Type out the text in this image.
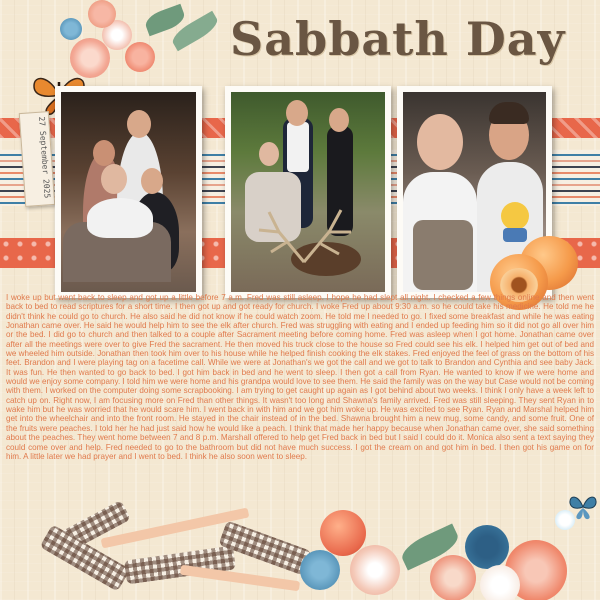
27 September 2025
Sabbath Day

I woke up but went back to sleep and got up a little before 7 a.m. Fred was still asleep. I hope he had slept all night. I checked a few things online and then went back to bed to read scriptures for a short time. I then got up and got ready for church. I woke Fred up about 9:30 a.m. so he could take his medicine. He told me he didn't think he could go to church. He also said he did not know if he could watch zoom. He told me I needed to go. I fixed some breakfast and while he was eating Jonathan came over. He said he would help him to see the elk after church. Fred was struggling with eating and I ended up feeding him so it did not go all over him or the bed. I did go to church and then talked to a couple after Sacrament meeting before coming home. Fred was asleep when I got home. Jonathan came over after all the meetings were over to give Fred the sacrament. He then moved his truck close to the house so Fred could see his elk. I helped him get out of bed and we wheeled him outside. Jonathan then took him over to his house while he helped finish cooking the elk stakes. Fred enjoyed the feel of grass on the bottom of his feet. Brandon and I were playing tag on a facetime call. While we were at Jonathan's we got the call and we got to talk to Brandon and Cynthia and see baby Jack. It was fun. He then wanted to go back to bed. I got him back in bed and he went to sleep. I then got a call from Ryan. He wanted to know if we were home and would we enjoy some company. I told him we were home and his grandpa would love to see them. He said the family was on the way but Case would not be coming with them. I worked on the computer doing some scrapbooking. I am trying to get caught up again as I got behind about two weeks. I think I only have a week left to catch up on. Right now, I am focusing more on Fred than other things. It wasn't too long and Shawna's family arrived. Fred was still sleeping. They sent Ryan in to wake him but he was worried that he would scare him. I went back in with him and we got him woke up. He was excited to see Ryan. Ryan and Marshal helped him get into the wheelchair and into the front room. He stayed in the chair instead of in the bed. Shawna brought him a new mug, some candy, and some fruit. One of the fruits were peaches. I told her he had just said how he would like a peach. I think that made her happy because when Jonathan came over, she said something about the peaches. They went home between 7 and 8 p.m. Marshall offered to help get Fred back in bed but I said I could do it. Monica also sent a text saying they could come over and help. Fred needed to go to the bathroom but did not have much success. I got the cream on and got him in bed. I then got his game on for him. A little later we had prayer and I went to bed. I think he also soon went to sleep.
